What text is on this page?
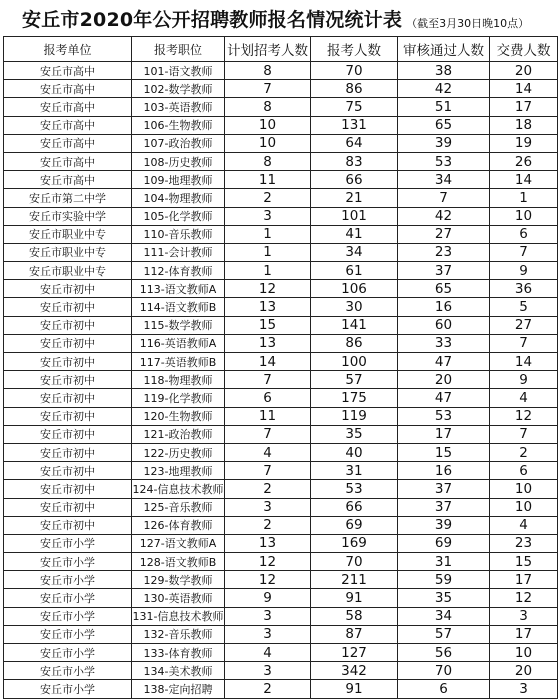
安丘市2020年公开招聘教师报名情况统计表 （截至3月30日晚10点）
报考单位	报考职位	计划招考人数	报考人数	审核通过人数	交费人数
安丘市高中	101-语文教师	8	70	38	20
安丘市高中	102-数学教师	7	86	42	14
安丘市高中	103-英语教师	8	75	51	17
安丘市高中	106-生物教师	10	131	65	18
安丘市高中	107-政治教师	10	64	39	19
安丘市高中	108-历史教师	8	83	53	26
安丘市高中	109-地理教师	11	66	34	14
安丘市第二中学	104-物理教师	2	21	7	1
安丘市实验中学	105-化学教师	3	101	42	10
安丘市职业中专	110-音乐教师	1	41	27	6
安丘市职业中专	111-会计教师	1	34	23	7
安丘市职业中专	112-体育教师	1	61	37	9
安丘市初中	113-语文教师A	12	106	65	36
安丘市初中	114-语文教师B	13	30	16	5
安丘市初中	115-数学教师	15	141	60	27
安丘市初中	116-英语教师A	13	86	33	7
安丘市初中	117-英语教师B	14	100	47	14
安丘市初中	118-物理教师	7	57	20	9
安丘市初中	119-化学教师	6	175	47	4
安丘市初中	120-生物教师	11	119	53	12
安丘市初中	121-政治教师	7	35	17	7
安丘市初中	122-历史教师	4	40	15	2
安丘市初中	123-地理教师	7	31	16	6
安丘市初中	124-信息技术教师	2	53	37	10
安丘市初中	125-音乐教师	3	66	37	10
安丘市初中	126-体育教师	2	69	39	4
安丘市小学	127-语文教师A	13	169	69	23
安丘市小学	128-语文教师B	12	70	31	15
安丘市小学	129-数学教师	12	211	59	17
安丘市小学	130-英语教师	9	91	35	12
安丘市小学	131-信息技术教师	3	58	34	3
安丘市小学	132-音乐教师	3	87	57	17
安丘市小学	133-体育教师	4	127	56	10
安丘市小学	134-美术教师	3	342	70	20
安丘市小学	138-定向招聘	2	91	6	3
